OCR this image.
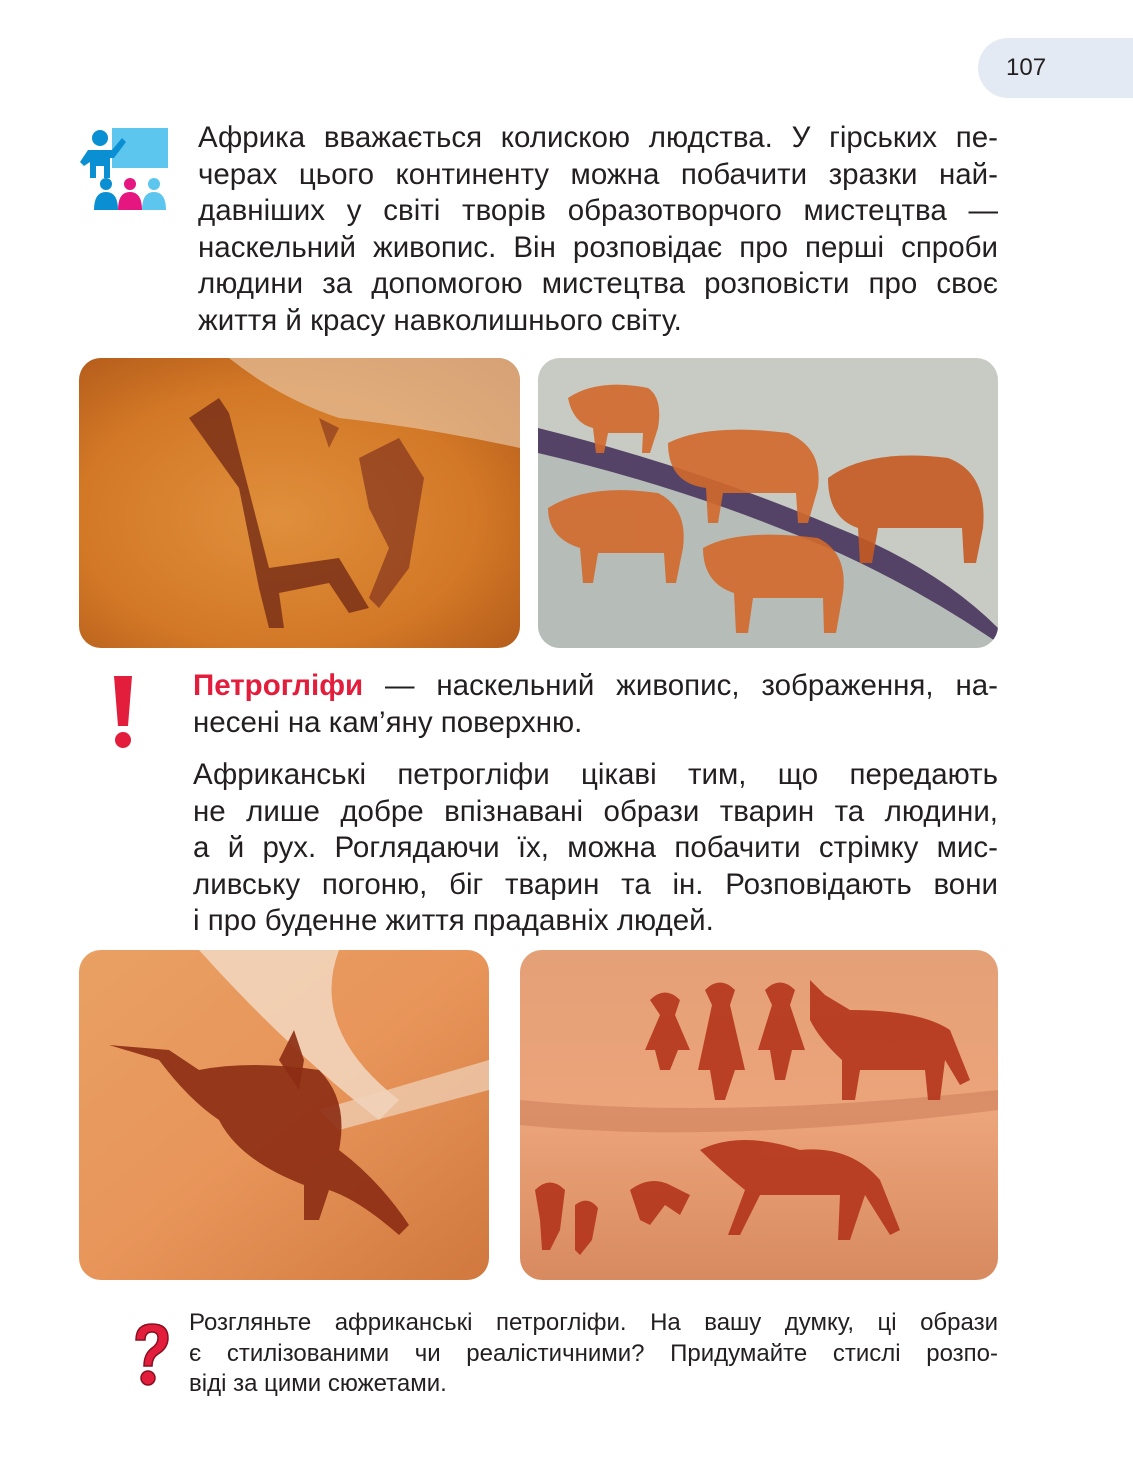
107

Африка вважається колискою людства. У гірських пе-
черах цього континенту можна побачити зразки най-
давніших у світі творів образотворчого мистецтва —
наскельний живопис. Він розповідає про перші спроби
людини за допомогою мистецтва розповісти про своє
життя й красу навколишнього світу.

Петрогліфи — наскельний живопис, зображення, на-
несені на кам’яну поверхню.

Африканські петрогліфи цікаві тим, що передають
не лише добре впізнавані образи тварин та людини,
а й рух. Роглядаючи їх, можна побачити стрімку мис-
ливську погоню, біг тварин та ін. Розповідають вони
і про буденне життя прадавніх людей.

Розгляньте африканські петрогліфи. На вашу думку, ці образи
є стилізованими чи реалістичними? Придумайте стислі розпо-
віді за цими сюжетами.
